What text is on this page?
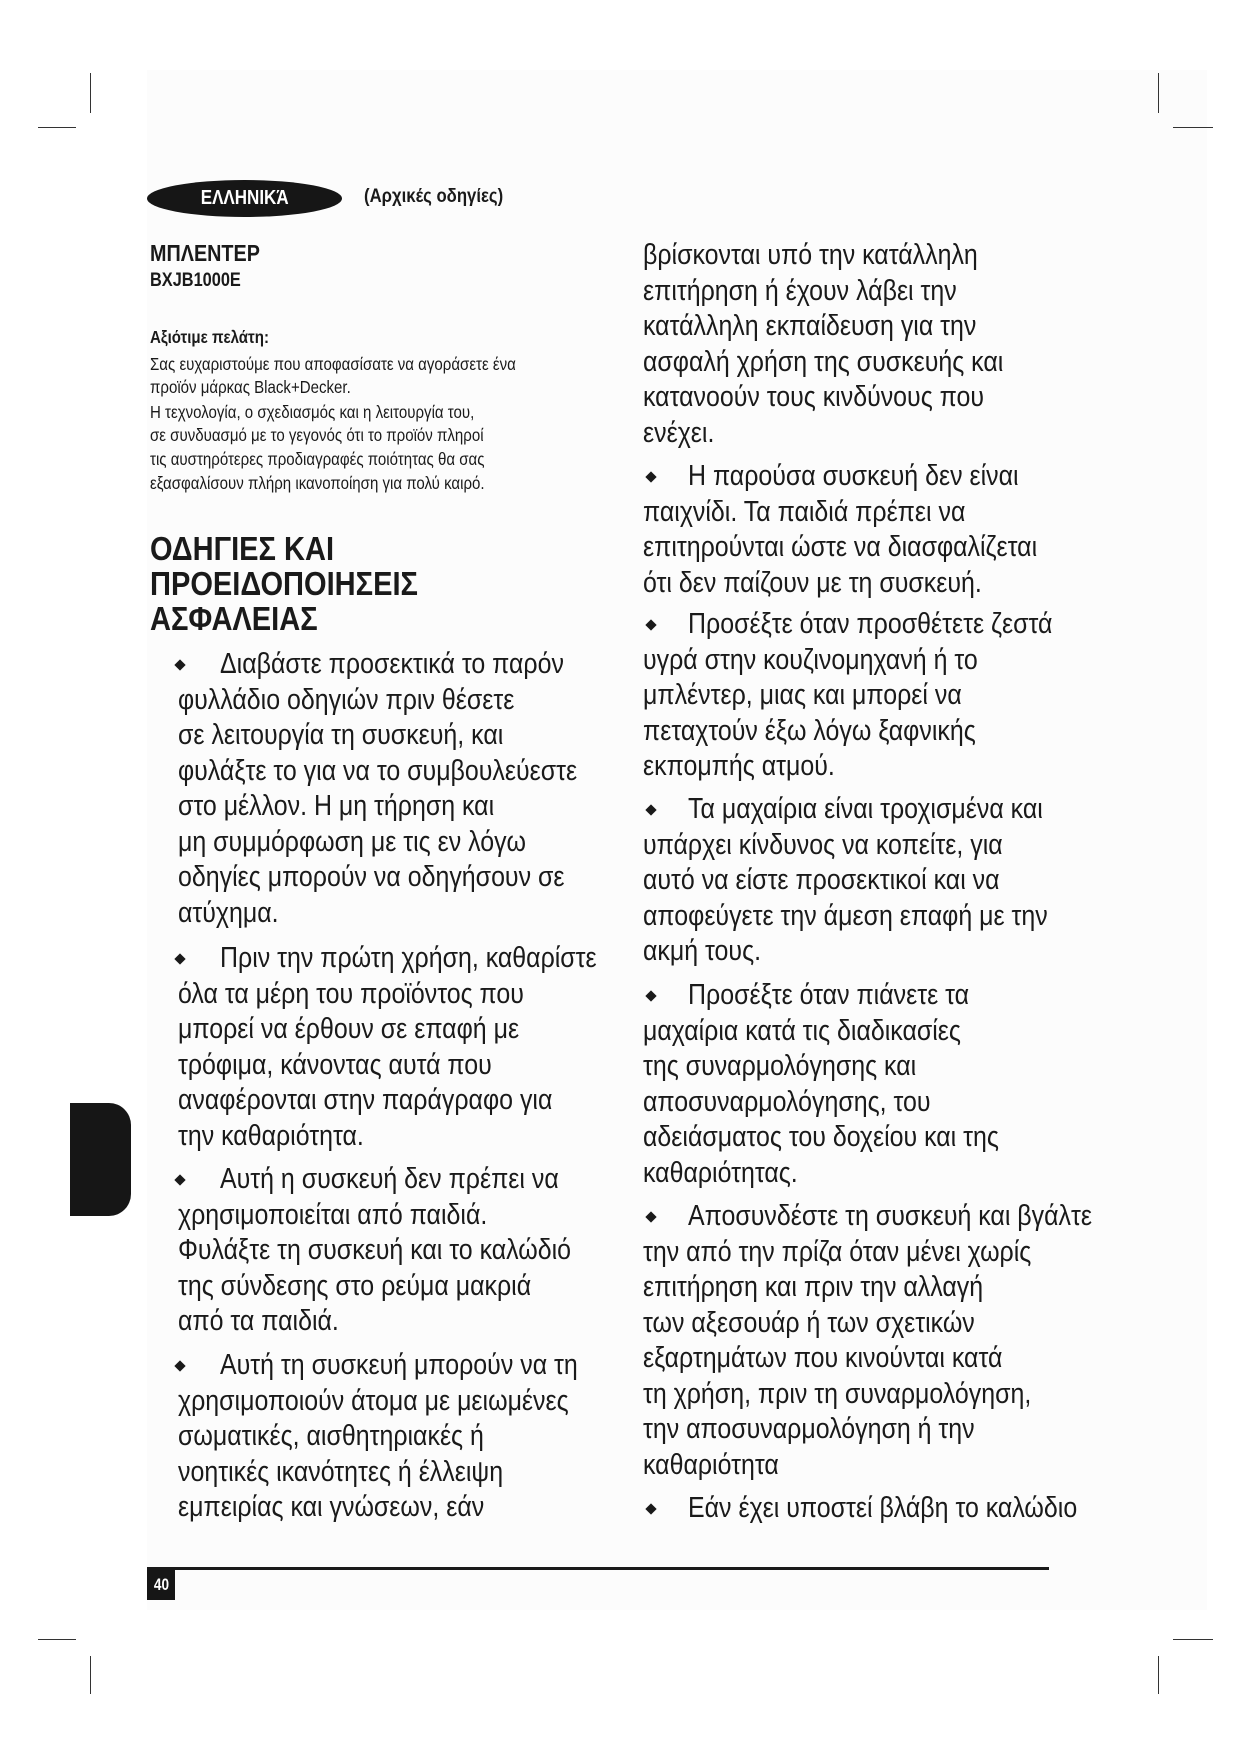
ΕΛΛΗΝΙΚΆ	(Αρχικές οδηγίες)
ΜΠΛΕΝΤΕΡ
BXJB1000E
Αξιότιμε πελάτη:
Σας ευχαριστούμε που αποφασίσατε να αγοράσετε ένα
προϊόν μάρκας Black+Decker.
Η τεχνολογία, ο σχεδιασμός και η λειτουργία του,
σε συνδυασμό με το γεγονός ότι το προϊόν πληροί
τις αυστηρότερες προδιαγραφές ποιότητας θα σας
εξασφαλίσουν πλήρη ικανοποίηση για πολύ καιρό.
ΟΔΗΓΙΕΣ ΚΑΙ
ΠΡΟΕΙΔΟΠΟΙΗΣΕΙΣ
ΑΣΦΑΛΕΙΑΣ
Διαβάστε προσεκτικά το παρόν
φυλλάδιο οδηγιών πριν θέσετε
σε λειτουργία τη συσκευή, και
φυλάξτε το για να το συμβουλεύεστε
στο μέλλον. Η μη τήρηση και
μη συμμόρφωση με τις εν λόγω
οδηγίες μπορούν να οδηγήσουν σε
ατύχημα.
Πριν την πρώτη χρήση, καθαρίστε
όλα τα μέρη του προϊόντος που
μπορεί να έρθουν σε επαφή με
τρόφιμα, κάνοντας αυτά που
αναφέρονται στην παράγραφο για
την καθαριότητα.
Αυτή η συσκευή δεν πρέπει να
χρησιμοποιείται από παιδιά.
Φυλάξτε τη συσκευή και το καλώδιό
της σύνδεσης στο ρεύμα μακριά
από τα παιδιά.
Αυτή τη συσκευή μπορούν να τη
χρησιμοποιούν άτομα με μειωμένες
σωματικές, αισθητηριακές ή
νοητικές ικανότητες ή έλλειψη
εμπειρίας και γνώσεων, εάν
βρίσκονται υπό την κατάλληλη
επιτήρηση ή έχουν λάβει την
κατάλληλη εκπαίδευση για την
ασφαλή χρήση της συσκευής και
κατανοούν τους κινδύνους που
ενέχει.
Η παρούσα συσκευή δεν είναι
παιχνίδι. Τα παιδιά πρέπει να
επιτηρούνται ώστε να διασφαλίζεται
ότι δεν παίζουν με τη συσκευή.
Προσέξτε όταν προσθέτετε ζεστά
υγρά στην κουζινομηχανή ή το
μπλέντερ, μιας και μπορεί να
πεταχτούν έξω λόγω ξαφνικής
εκπομπής ατμού.
Τα μαχαίρια είναι τροχισμένα και
υπάρχει κίνδυνος να κοπείτε, για
αυτό να είστε προσεκτικοί και να
αποφεύγετε την άμεση επαφή με την
ακμή τους.
Προσέξτε όταν πιάνετε τα
μαχαίρια κατά τις διαδικασίες
της συναρμολόγησης και
αποσυναρμολόγησης, του
αδειάσματος του δοχείου και της
καθαριότητας.
Αποσυνδέστε τη συσκευή και βγάλτε
την από την πρίζα όταν μένει χωρίς
επιτήρηση και πριν την αλλαγή
των αξεσουάρ ή των σχετικών
εξαρτημάτων που κινούνται κατά
τη χρήση, πριν τη συναρμολόγηση,
την αποσυναρμολόγηση ή την
καθαριότητα
Εάν έχει υποστεί βλάβη το καλώδιο
40
